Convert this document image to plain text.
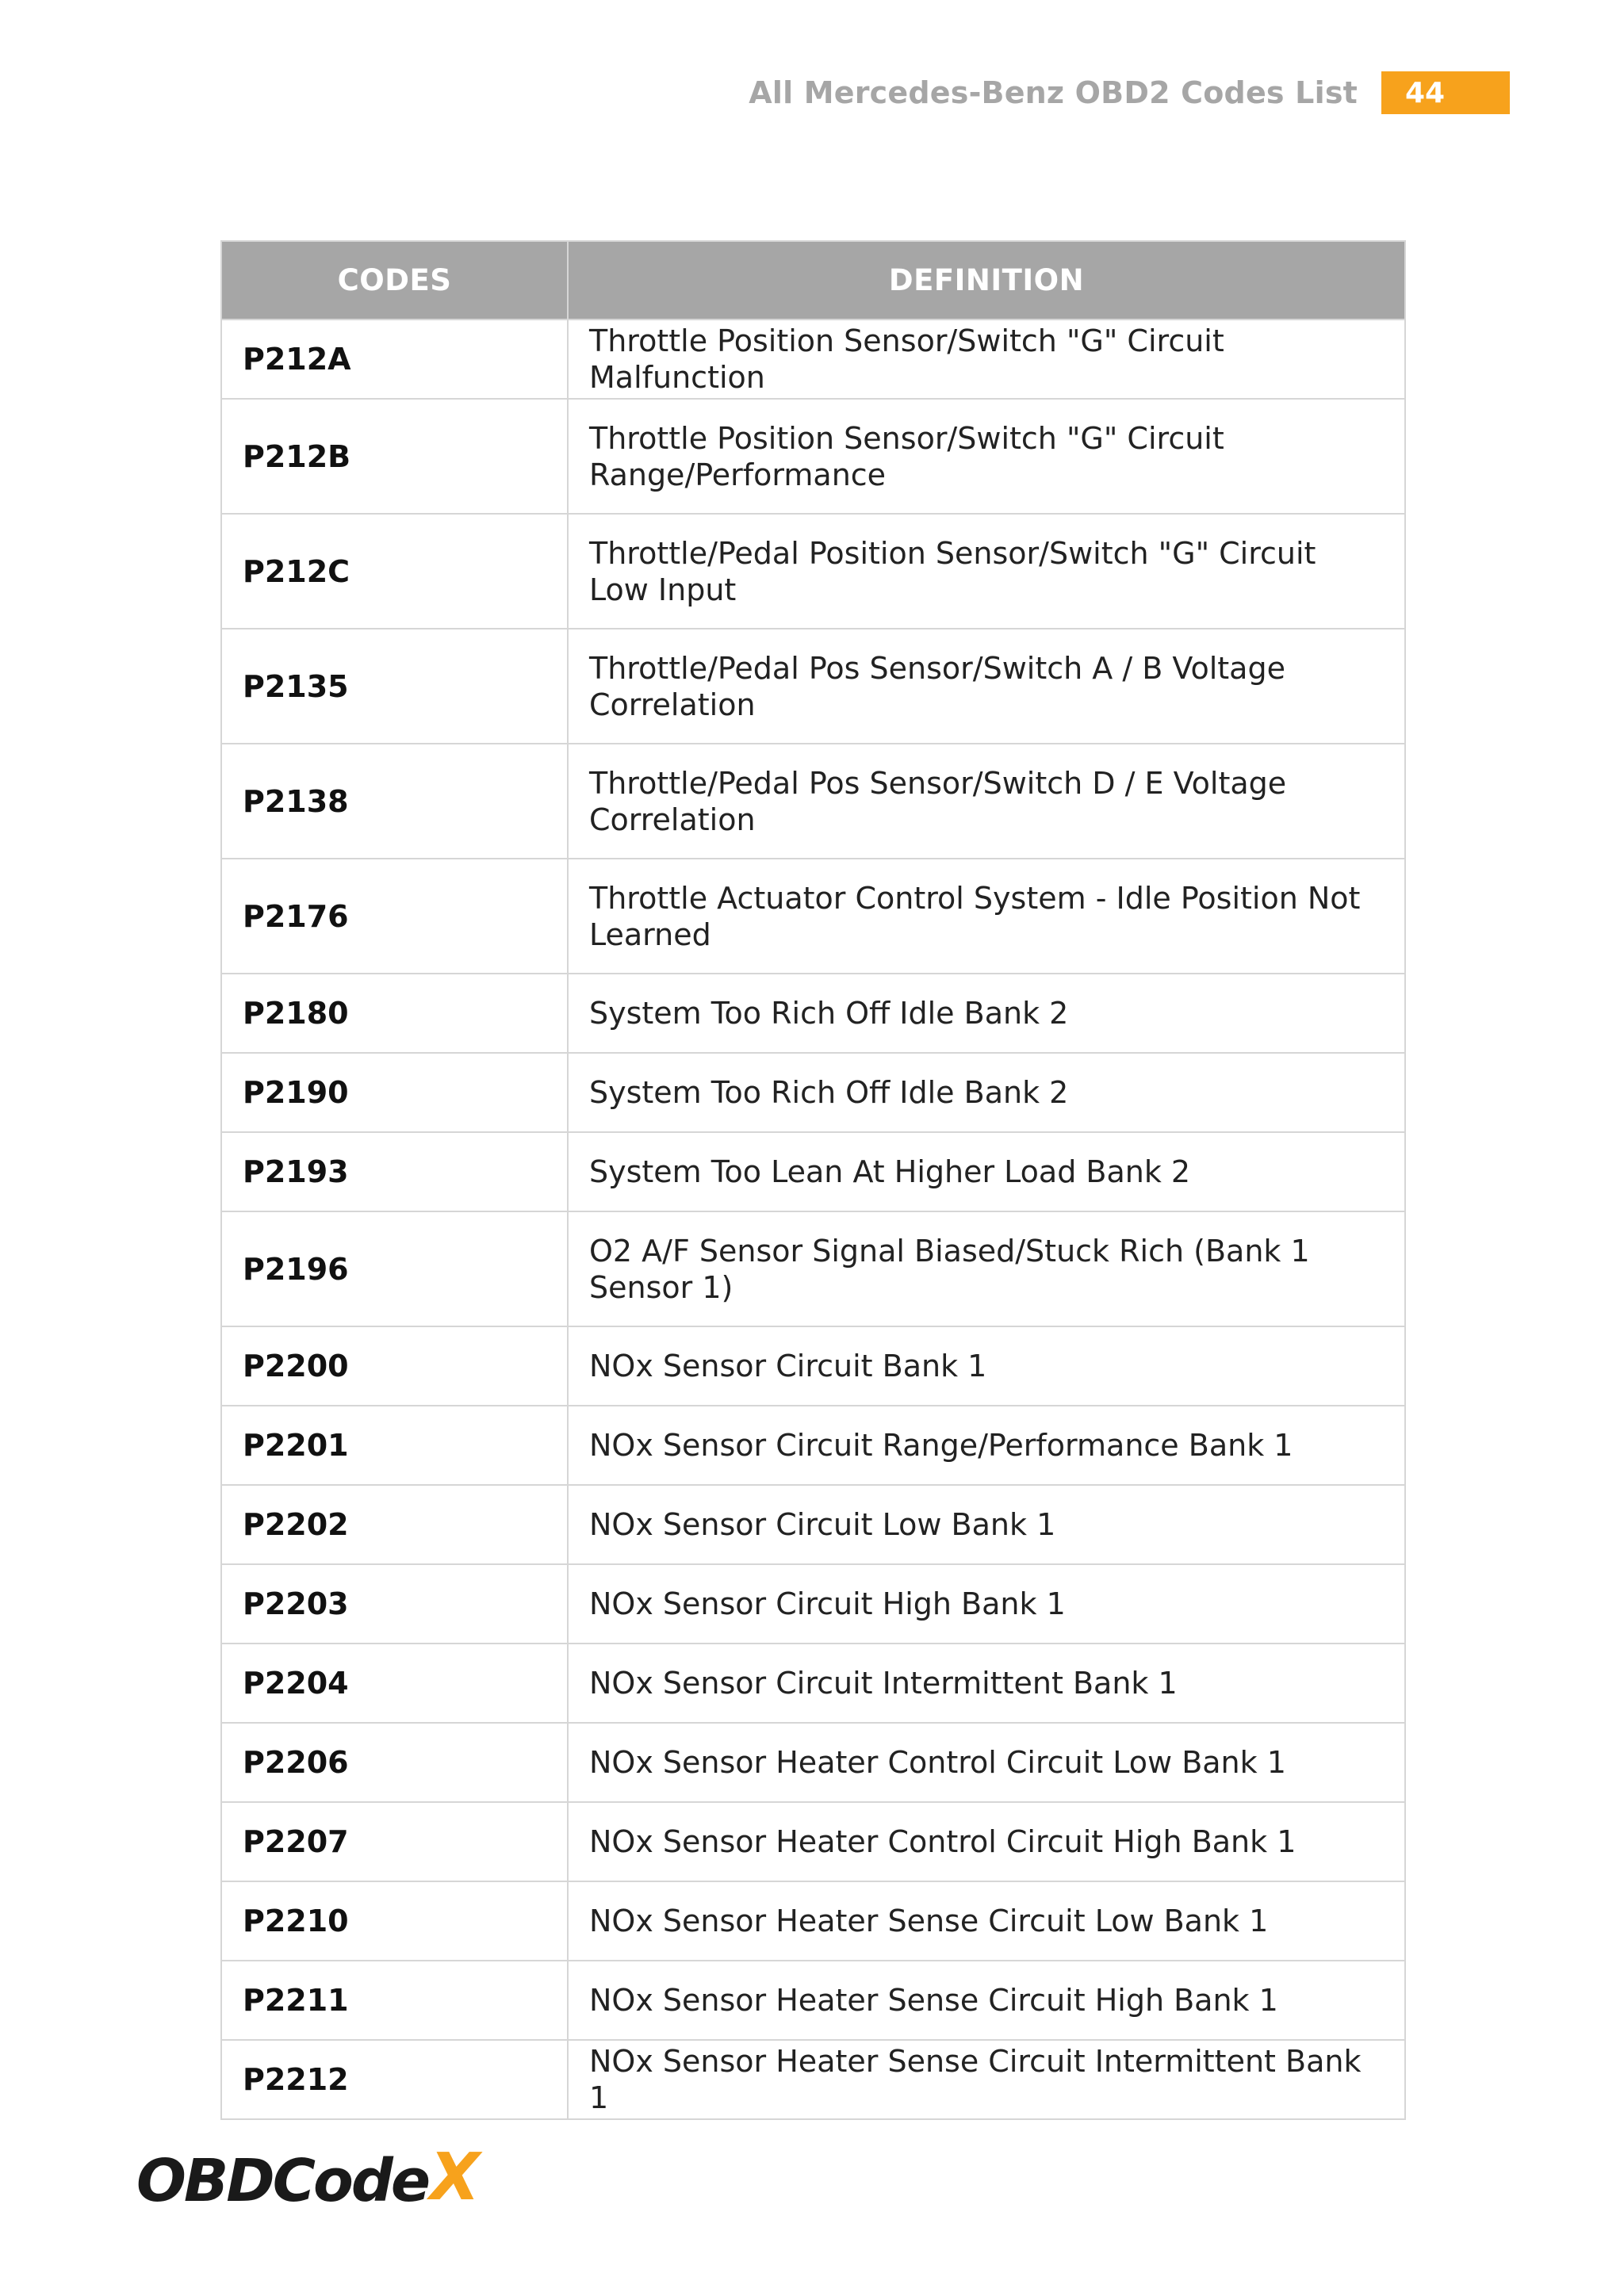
All Mercedes-Benz OBD2 Codes List	44
CODES	DEFINITION
P212A	Throttle Position Sensor/Switch "G" Circuit Malfunction
P212B	Throttle Position Sensor/Switch "G" Circuit Range/Performance
P212C	Throttle/Pedal Position Sensor/Switch "G" Circuit Low Input
P2135	Throttle/Pedal Pos Sensor/Switch A / B Voltage Correlation
P2138	Throttle/Pedal Pos Sensor/Switch D / E Voltage Correlation
P2176	Throttle Actuator Control System - Idle Position Not Learned
P2180	System Too Rich Off Idle Bank 2
P2190	System Too Rich Off Idle Bank 2
P2193	System Too Lean At Higher Load Bank 2
P2196	O2 A/F Sensor Signal Biased/Stuck Rich (Bank 1 Sensor 1)
P2200	NOx Sensor Circuit Bank 1
P2201	NOx Sensor Circuit Range/Performance Bank 1
P2202	NOx Sensor Circuit Low Bank 1
P2203	NOx Sensor Circuit High Bank 1
P2204	NOx Sensor Circuit Intermittent Bank 1
P2206	NOx Sensor Heater Control Circuit Low Bank 1
P2207	NOx Sensor Heater Control Circuit High Bank 1
P2210	NOx Sensor Heater Sense Circuit Low Bank 1
P2211	NOx Sensor Heater Sense Circuit High Bank 1
P2212	NOx Sensor Heater Sense Circuit Intermittent Bank 1
OBDCode X
